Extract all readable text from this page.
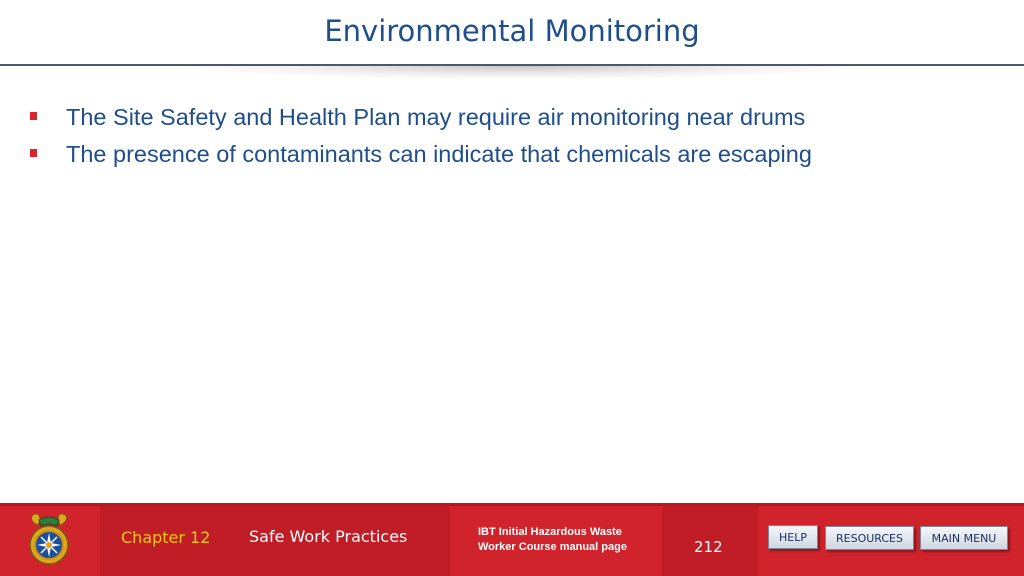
Environmental Monitoring
The Site Safety and Health Plan may require air monitoring near drums
The presence of contaminants can indicate that chemicals are escaping
Chapter 12 Safe Work Practices	IBT Initial Hazardous Waste
Worker Course manual page	212
HELP	RESOURCES	MAIN MENU
